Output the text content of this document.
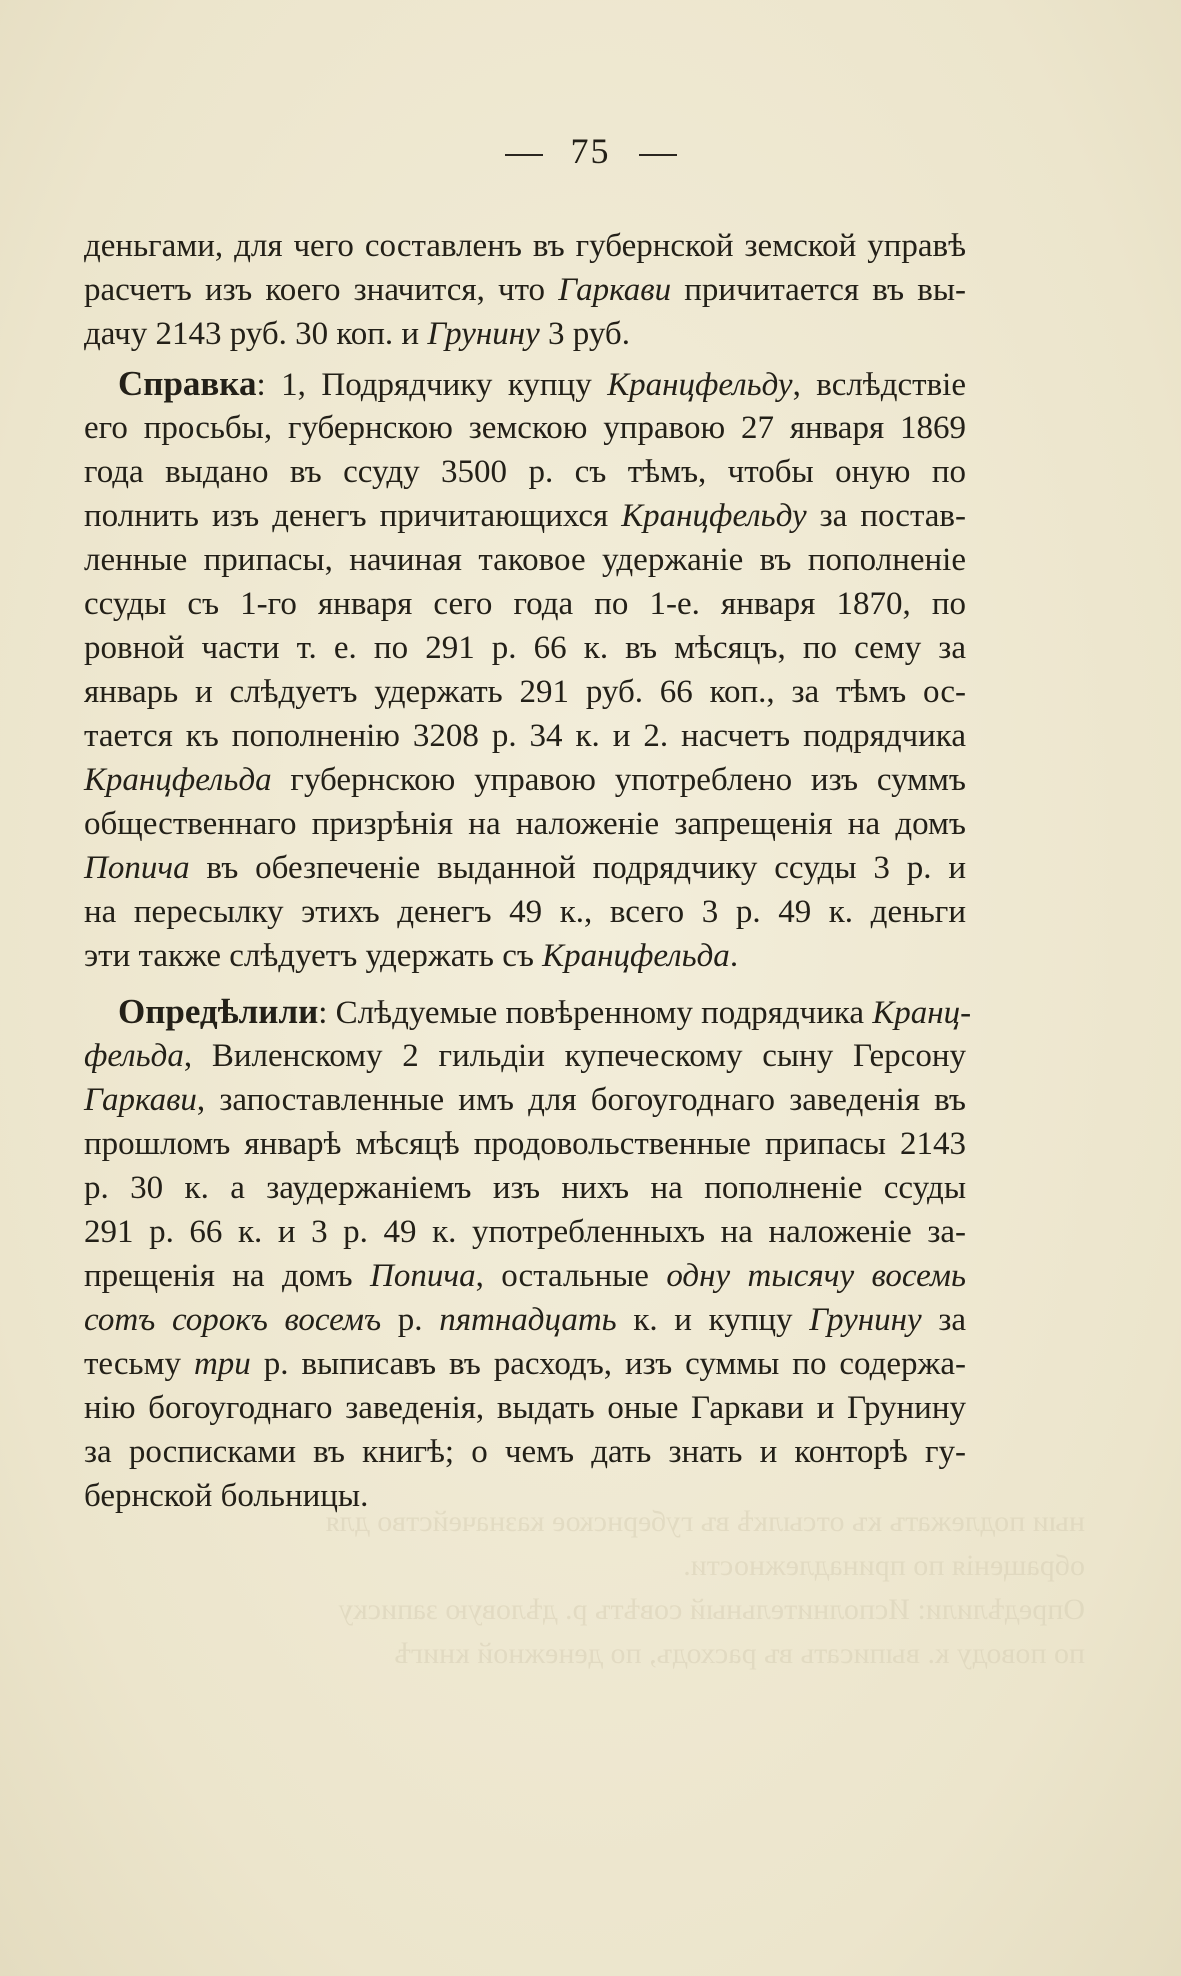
ныи подлежатъ къ отсылкѣ въ губернское казначейство для
обращенія по принадлежности.
Опредѣлили: Исполнительный совѣтъ р. дѣловую записку
по поводу к. выписать въ расходъ, по денежной книгѣ
75
деньгами, для чего составленъ въ губернской земской управѣ
расчетъ изъ коего значится, что Гаркави причитается въ вы-
дачу 2143 руб. 30 коп. и Грунину 3 руб.
Справка: 1, Подрядчику купцу Кранцфельду, вслѣдствіе
его просьбы, губернскою земскою управою 27 января 1869
года выдано въ ссуду 3500 р. съ тѣмъ, чтобы оную по
полнить изъ денегъ причитающихся Кранцфельду за постав-
ленные припасы, начиная таковое удержаніе въ пополненіе
ссуды съ 1-го января сего года по 1-е. января 1870, по
ровной части т. е. по 291 р. 66 к. въ мѣсяцъ, по сему за
январь и слѣдуетъ удержать 291 руб. 66 коп., за тѣмъ ос-
тается къ пополненію 3208 р. 34 к. и 2. насчетъ подрядчика
Кранцфельда губернскою управою употреблено изъ суммъ
общественнаго призрѣнія на наложеніе запрещенія на домъ
Попича въ обезпеченіе выданной подрядчику ссуды 3 р. и
на пересылку этихъ денегъ 49 к., всего 3 р. 49 к. деньги
эти также слѣдуетъ удержать съ Кранцфельда.
Опредѣлили: Слѣдуемые повѣренному подрядчика Кранц-
фельда, Виленскому 2 гильдіи купеческому сыну Герсону
Гаркави, запоставленные имъ для богоугоднаго заведенія въ
прошломъ январѣ мѣсяцѣ продовольственные припасы 2143
р. 30 к. а заудержаніемъ изъ нихъ на пополненіе ссуды
291 р. 66 к. и 3 р. 49 к. употребленныхъ на наложеніе за-
прещенія на домъ Попича, остальные одну тысячу восемь
сотъ сорокъ восемъ р. пятнадцать к. и купцу Грунину за
тесьму три р. выписавъ въ расходъ, изъ суммы по содержа-
нію богоугоднаго заведенія, выдать оные Гаркави и Грунину
за росписками въ книгѣ; о чемъ дать знать и конторѣ гу-
бернской больницы.
